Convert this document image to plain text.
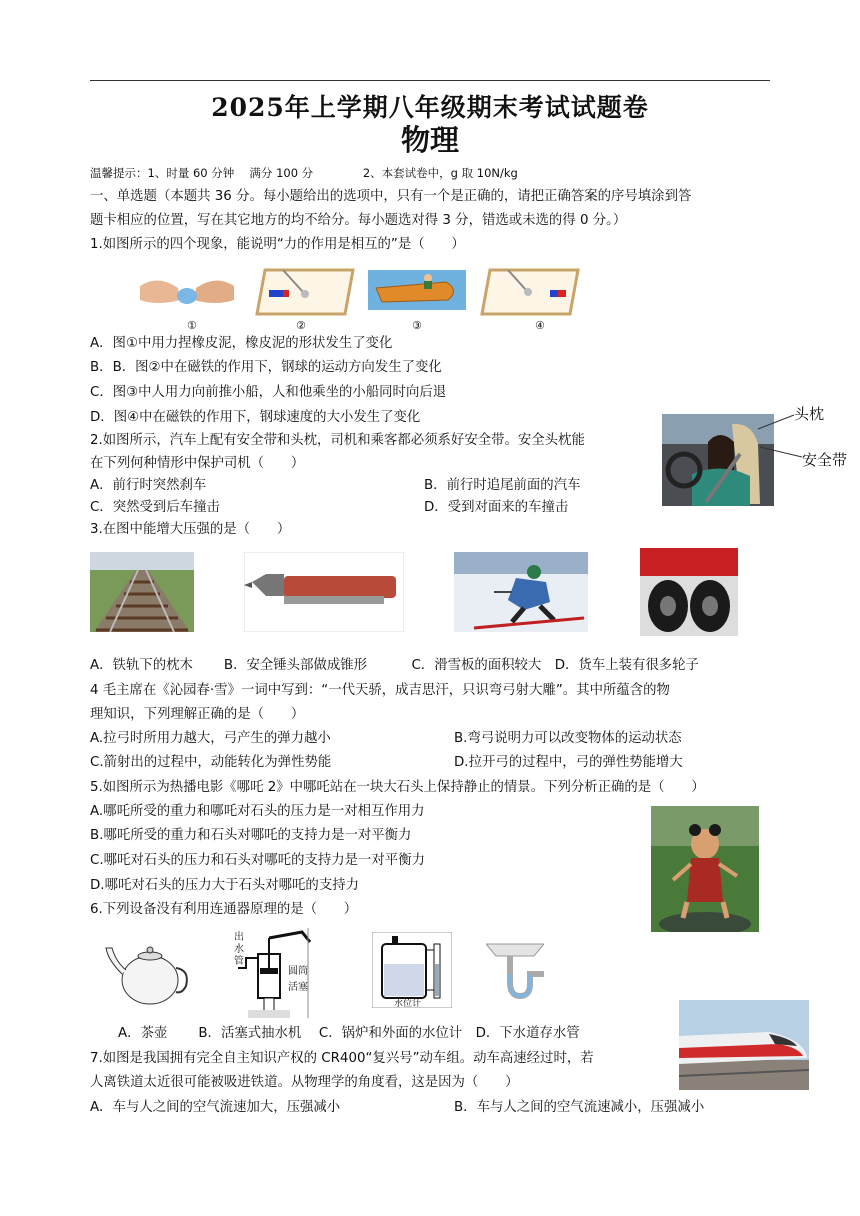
2025年上学期八年级期末考试试题卷
物理
温馨提示：1、时量 60 分钟　 满分 100 分　　　　 2、本套试卷中，g 取 10N/kg
一、单选题（本题共 36 分。每小题给出的选项中，只有一个是正确的，请把正确答案的序号填涂到答
题卡相应的位置，写在其它地方的均不给分。每小题选对得 3 分，错选或未选的得 0 分。）
1.如图所示的四个现象，能说明“力的作用是相互的”是（　　）
①	②	③	④
A．图①中用力捏橡皮泥，橡皮泥的形状发生了变化
B．B．图②中在磁铁的作用下，钢球的运动方向发生了变化
C．图③中人用力向前推小船，人和他乘坐的小船同时向后退
D．图④中在磁铁的作用下，钢球速度的大小发生了变化
2.如图所示，汽车上配有安全带和头枕，司机和乘客都必须系好安全带。安全头枕能
在下列何种情形中保护司机（　　）
A．前行时突然刹车	B．前行时追尾前面的汽车
C．突然受到后车撞击	D．受到对面来的车撞击
头枕
安全带
3.在图中能增大压强的是（　　）
A．铁轨下的枕木　　 B．安全锤头部做成锥形　　　 C．滑雪板的面积较大　D．货车上装有很多轮子
4 毛主席在《沁园春·雪》一词中写到：“一代天骄，成吉思汗，只识弯弓射大雕”。其中所蕴含的物
理知识，下列理解正确的是（　　）
A.拉弓时所用力越大，弓产生的弹力越小	B.弯弓说明力可以改变物体的运动状态
C.箭射出的过程中，动能转化为弹性势能	D.拉开弓的过程中，弓的弹性势能增大
5.如图所示为热播电影《哪吒 2》中哪吒站在一块大石头上保持静止的情景。下列分析正确的是（　　）
A.哪吒所受的重力和哪吒对石头的压力是一对相互作用力
B.哪吒所受的重力和石头对哪吒的支持力是一对平衡力
C.哪吒对石头的压力和石头对哪吒的支持力是一对平衡力
D.哪吒对石头的压力大于石头对哪吒的支持力
6.下列设备没有利用连通器原理的是（　　）
出
水
管
圆筒
活塞
水位计
A．茶壶　　 B．活塞式抽水机　 C．锅炉和外面的水位计　D．下水道存水管
7.如图是我国拥有完全自主知识产权的 CR400“复兴号”动车组。动车高速经过时，若
人离铁道太近很可能被吸进铁道。从物理学的角度看，这是因为（　　）
A．车与人之间的空气流速加大，压强减小	B．车与人之间的空气流速减小，压强减小
